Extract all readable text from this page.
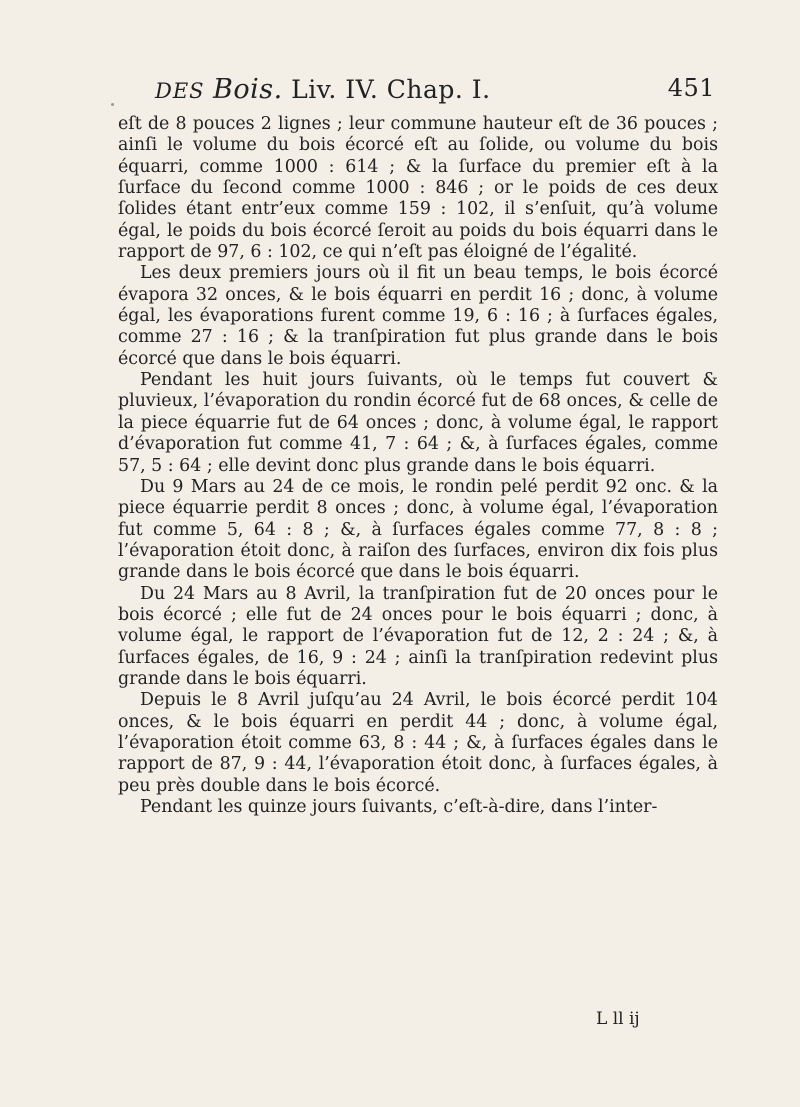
DES Bois. Liv. IV. Chap. I.	451

eſt de 8 pouces 2 lignes ; leur commune hauteur eſt de 36 pouces ; ainſi le volume du bois écorcé eſt au ſolide, ou volume du bois équarri, comme 1000 : 614 ; & la ſurface du premier eſt à la ſurface du ſecond comme 1000 : 846 ; or le poids de ces deux ſolides étant entr’eux comme 159 : 102, il s’enſuit, qu’à volume égal, le poids du bois écorcé ſeroit au poids du bois équarri dans le rapport de 97, 6 : 102, ce qui n’eſt pas éloigné de l’égalité.

Les deux premiers jours où il fit un beau temps, le bois écorcé évapora 32 onces, & le bois équarri en perdit 16 ; donc, à volume égal, les évaporations furent comme 19, 6 : 16 ; à ſurfaces égales, comme 27 : 16 ; & la tranſpiration fut plus grande dans le bois écorcé que dans le bois équarri.

Pendant les huit jours ſuivants, où le temps fut couvert & pluvieux, l’évaporation du rondin écorcé fut de 68 onces, & celle de la piece équarrie fut de 64 onces ; donc, à volume égal, le rapport d’évaporation fut comme 41, 7 : 64 ; &, à ſurfaces égales, comme 57, 5 : 64 ; elle devint donc plus grande dans le bois équarri.

Du 9 Mars au 24 de ce mois, le rondin pelé perdit 92 onc. & la piece équarrie perdit 8 onces ; donc, à volume égal, l’évaporation fut comme 5, 64 : 8 ; &, à ſurfaces égales comme 77, 8 : 8 ; l’évaporation étoit donc, à raiſon des ſurfaces, environ dix fois plus grande dans le bois écorcé que dans le bois équarri.

Du 24 Mars au 8 Avril, la tranſpiration fut de 20 onces pour le bois écorcé ; elle fut de 24 onces pour le bois équarri ; donc, à volume égal, le rapport de l’évaporation fut de 12, 2 : 24 ; &, à ſurfaces égales, de 16, 9 : 24 ; ainſi la tranſpiration redevint plus grande dans le bois équarri.

Depuis le 8 Avril juſqu’au 24 Avril, le bois écorcé perdit 104 onces, & le bois équarri en perdit 44 ; donc, à volume égal, l’évaporation étoit comme 63, 8 : 44 ; &, à ſurfaces égales dans le rapport de 87, 9 : 44, l’évaporation étoit donc, à ſurfaces égales, à peu près double dans le bois écorcé.

Pendant les quinze jours ſuivants, c’eſt-à-dire, dans l’inter-

L ll ij
